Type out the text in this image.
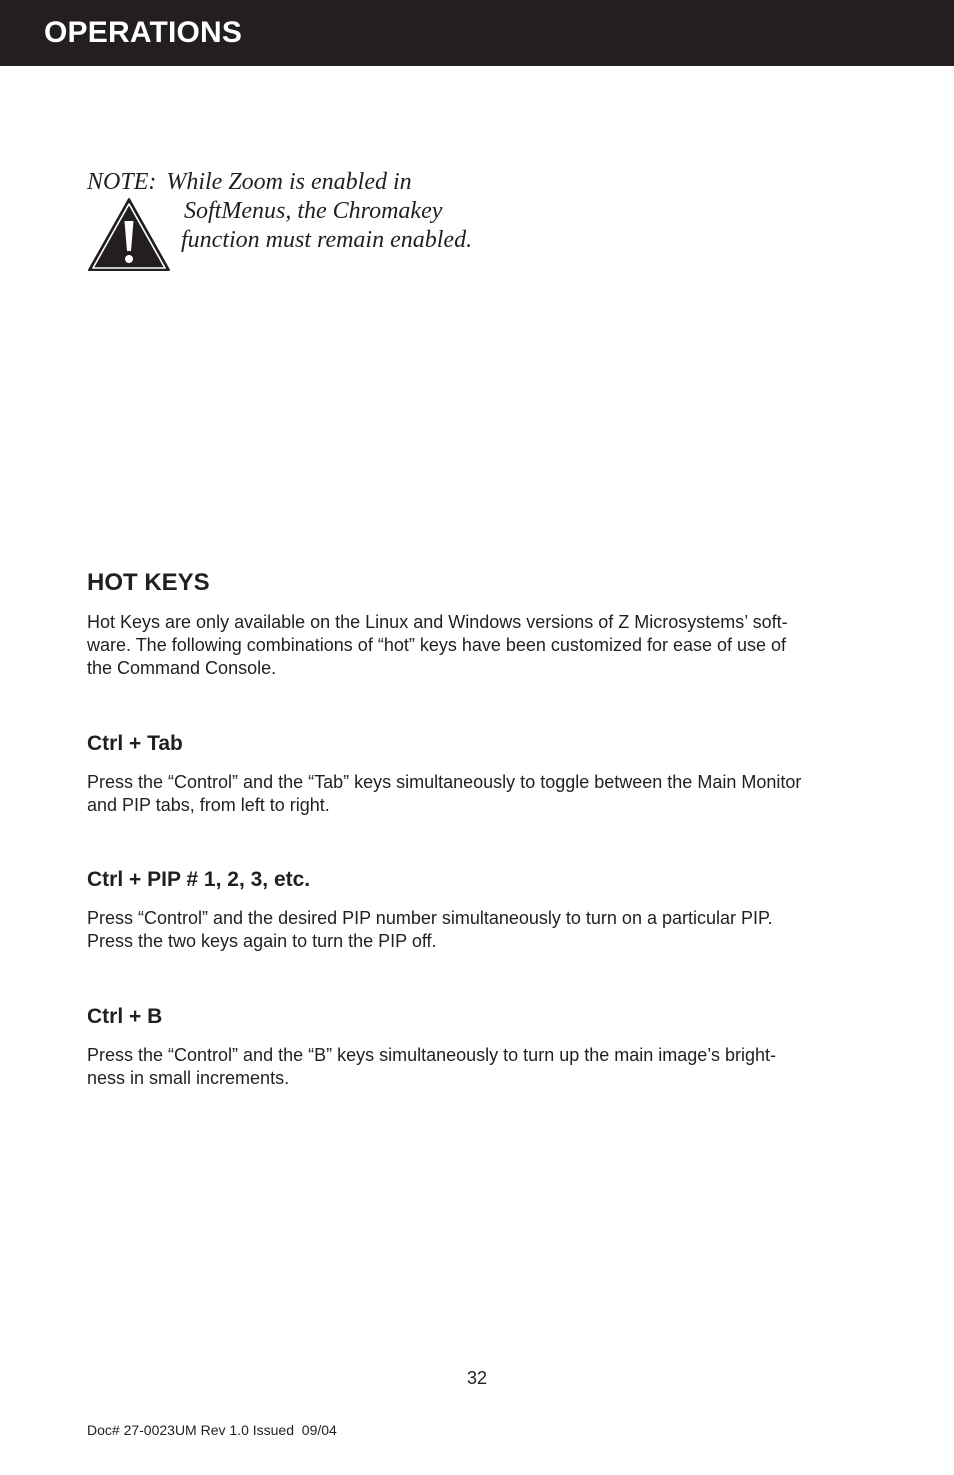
OPERATIONS
NOTE: While Zoom is enabled in
SoftMenus, the Chromakey
function must remain enabled.
HOT KEYS
Hot Keys are only available on the Linux and Windows versions of Z Microsystems’ soft-
ware. The following combinations of “hot” keys have been customized for ease of use of
the Command Console.
Ctrl + Tab
Press the “Control” and the “Tab” keys simultaneously to toggle between the Main Monitor
and PIP tabs, from left to right.
Ctrl + PIP # 1, 2, 3, etc.
Press “Control” and the desired PIP number simultaneously to turn on a particular PIP.
Press the two keys again to turn the PIP off.
Ctrl + B
Press the “Control” and the “B” keys simultaneously to turn up the main image’s bright-
ness in small increments.
32
Doc# 27-0023UM Rev 1.0 Issued  09/04
